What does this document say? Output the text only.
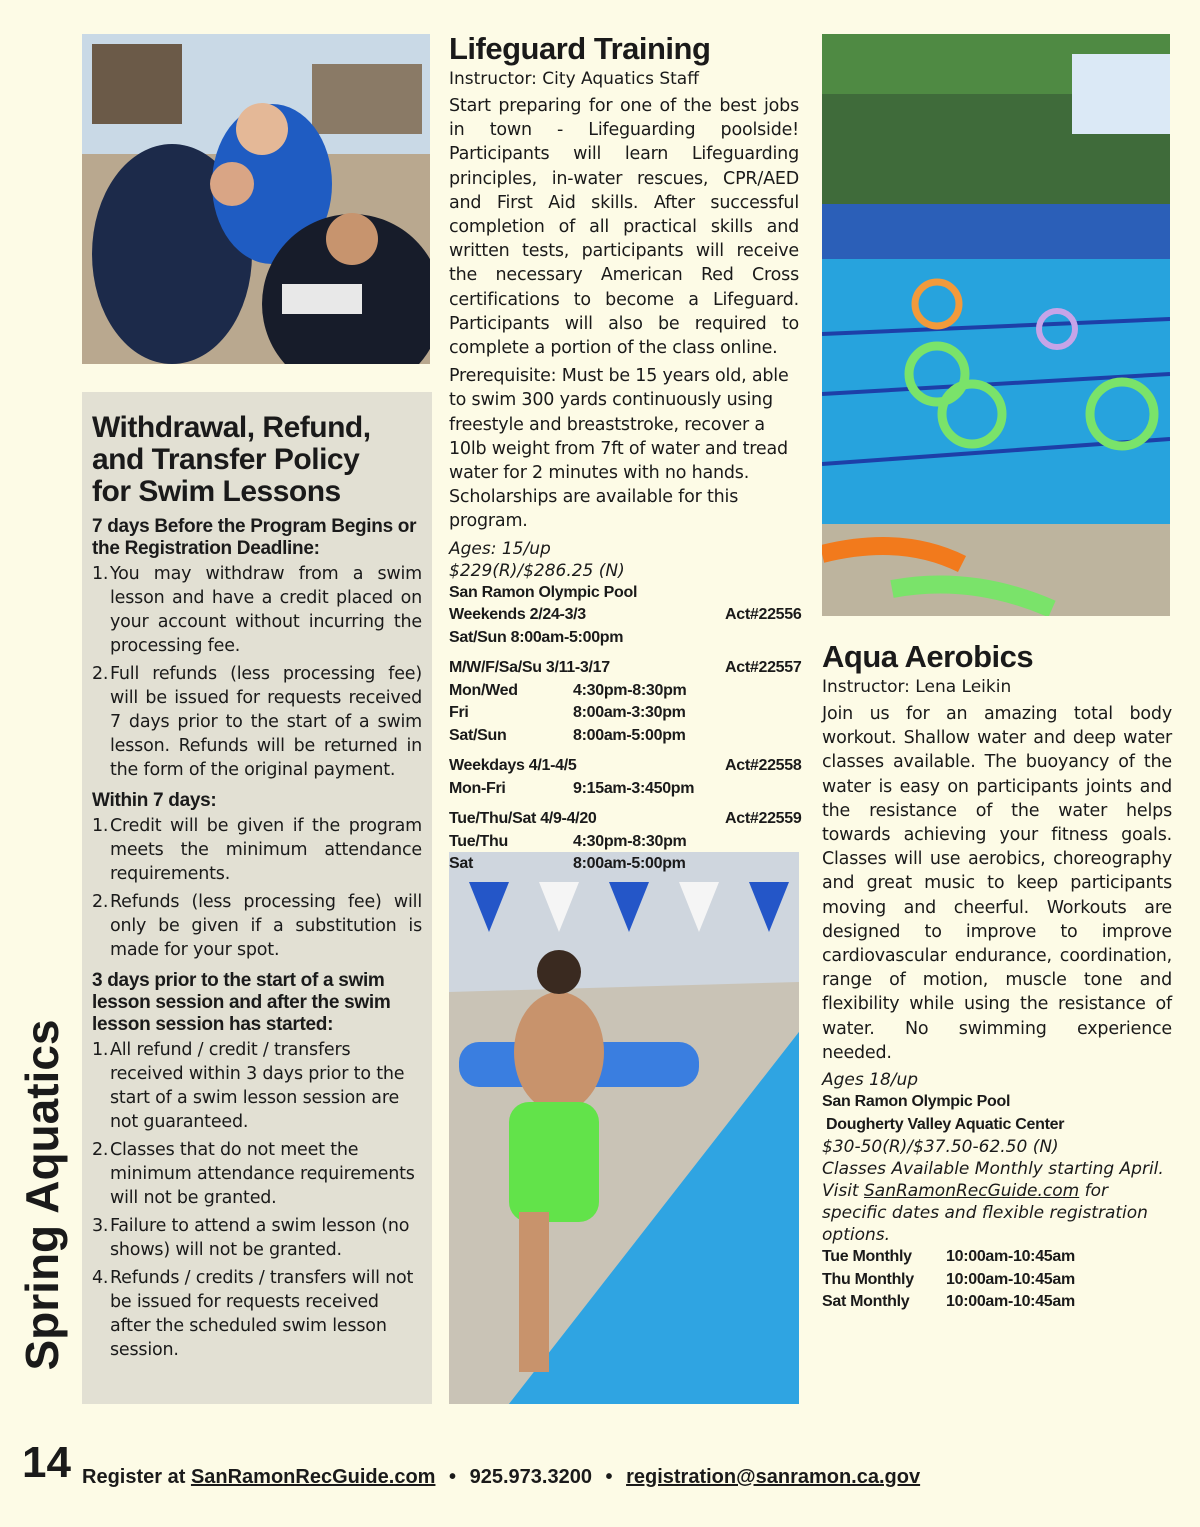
Spring Aquatics
Withdrawal, Refund, and Transfer Policy for Swim Lessons
7 days Before the Program Begins or the Registration Deadline:
1. You may withdraw from a swim lesson and have a credit placed on your account without incurring the processing fee.
2. Full refunds (less processing fee) will be issued for requests received 7 days prior to the start of a swim lesson. Refunds will be returned in the form of the original payment.
Within 7 days:
1. Credit will be given if the program meets the minimum attendance requirements.
2. Refunds (less processing fee) will only be given if a substitution is made for your spot.
3 days prior to the start of a swim lesson session and after the swim lesson session has started:
1. All refund / credit / transfers received within 3 days prior to the start of a swim lesson session are not guaranteed.
2. Classes that do not meet the minimum attendance requirements will not be granted.
3. Failure to attend a swim lesson (no shows) will not be granted.
4. Refunds / credits / transfers will not be issued for requests received after the scheduled swim lesson session.
Lifeguard Training
Instructor: City Aquatics Staff
Start preparing for one of the best jobs in town - Lifeguarding poolside! Participants will learn Lifeguarding principles, in-water rescues, CPR/AED and First Aid skills. After successful completion of all practical skills and written tests, participants will receive the necessary American Red Cross certifications to become a Lifeguard. Participants will also be required to complete a portion of the class online.
Prerequisite: Must be 15 years old, able to swim 300 yards continuously using freestyle and breaststroke, recover a 10lb weight from 7ft of water and tread water for 2 minutes with no hands. Scholarships are available for this program.
Ages: 15/up
$229(R)/$286.25 (N)
San Ramon Olympic Pool
Weekends 2/24-3/3	Act#22556
Sat/Sun 8:00am-5:00pm
M/W/F/Sa/Su 3/11-3/17	Act#22557
Mon/Wed	4:30pm-8:30pm
Fri	8:00am-3:30pm
Sat/Sun	8:00am-5:00pm
Weekdays 4/1-4/5	Act#22558
Mon-Fri	9:15am-3:450pm
Tue/Thu/Sat 4/9-4/20	Act#22559
Tue/Thu	4:30pm-8:30pm
Sat	8:00am-5:00pm
Aqua Aerobics
Instructor: Lena Leikin
Join us for an amazing total body workout. Shallow water and deep water classes available. The buoyancy of the water is easy on participants joints and the resistance of the water helps towards achieving your fitness goals. Classes will use aerobics, choreography and great music to keep participants moving and cheerful. Workouts are designed to improve to improve cardiovascular endurance, coordination, range of motion, muscle tone and flexibility while using the resistance of water. No swimming experience needed.
Ages 18/up
San Ramon Olympic Pool
Dougherty Valley Aquatic Center
$30-50(R)/$37.50-62.50 (N)
Classes Available Monthly starting April.
Visit SanRamonRecGuide.com for specific dates and flexible registration options.
Tue Monthly	10:00am-10:45am
Thu Monthly	10:00am-10:45am
Sat Monthly	10:00am-10:45am
14 Register at SanRamonRecGuide.com • 925.973.3200 • registration@sanramon.ca.gov
